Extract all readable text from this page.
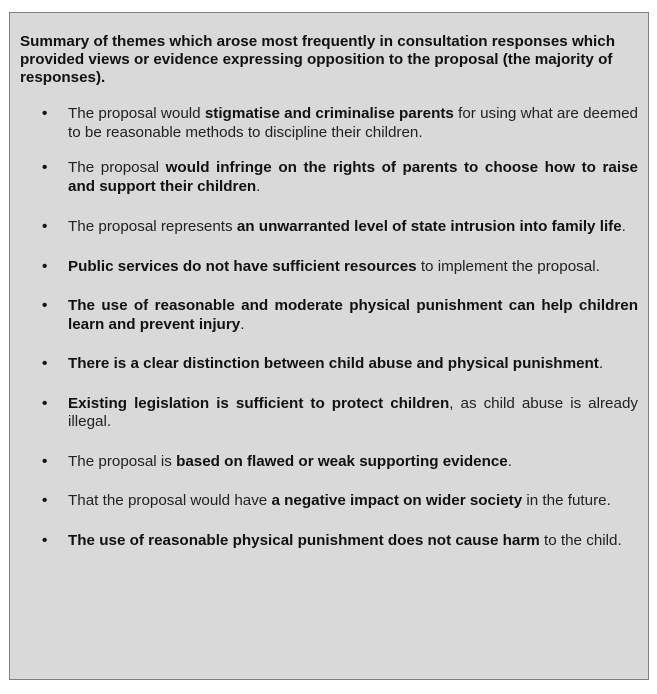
Summary of themes which arose most frequently in consultation responses which provided views or evidence expressing opposition to the proposal (the majority of responses).
• The proposal would stigmatise and criminalise parents for using what are deemed to be reasonable methods to discipline their children.
• The proposal would infringe on the rights of parents to choose how to raise and support their children.
• The proposal represents an unwarranted level of state intrusion into family life.
• Public services do not have sufficient resources to implement the proposal.
• The use of reasonable and moderate physical punishment can help children learn and prevent injury.
• There is a clear distinction between child abuse and physical punishment.
• Existing legislation is sufficient to protect children, as child abuse is already illegal.
• The proposal is based on flawed or weak supporting evidence.
• That the proposal would have a negative impact on wider society in the future.
• The use of reasonable physical punishment does not cause harm to the child.
